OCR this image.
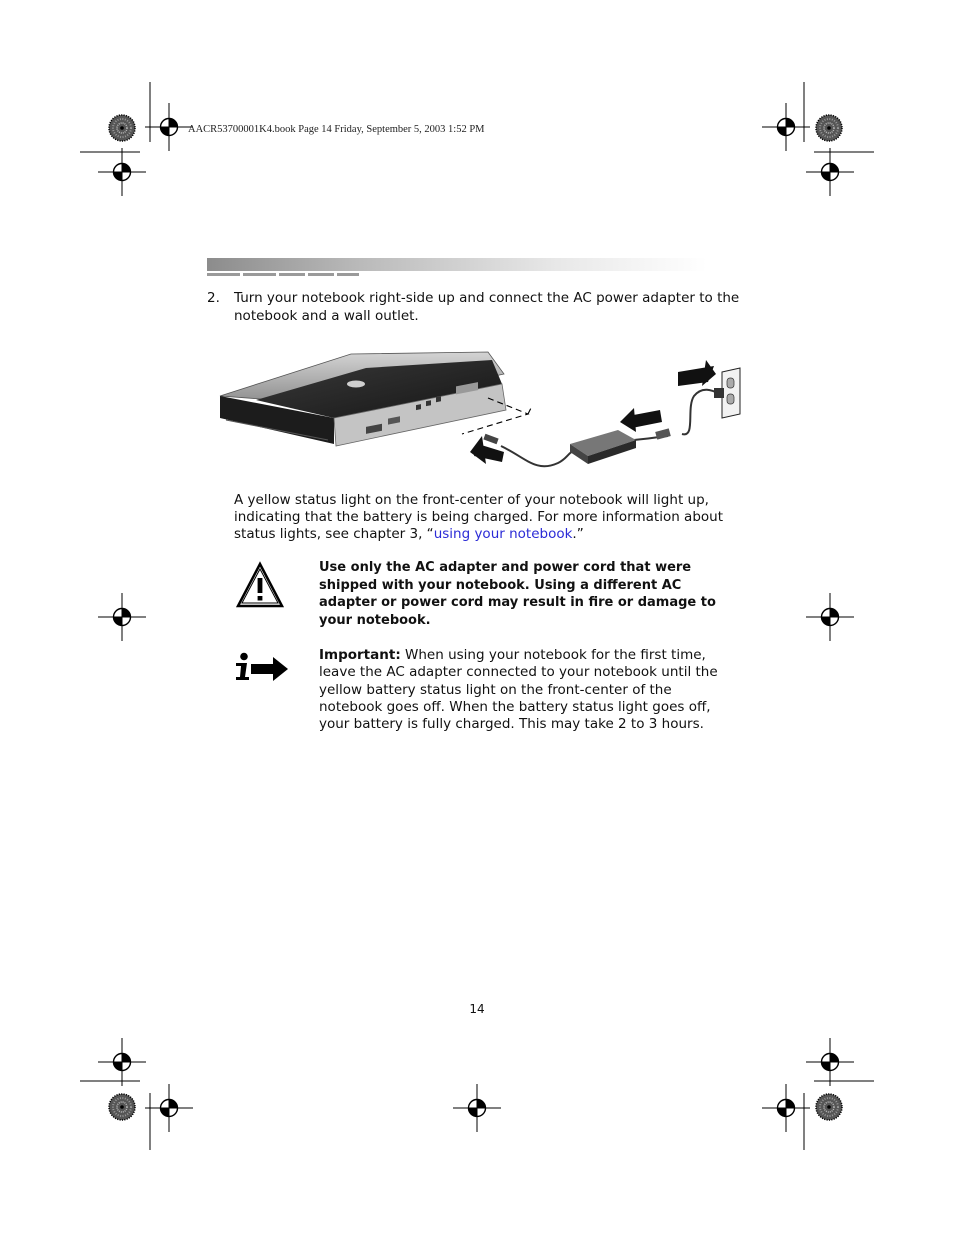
AACR53700001K4.book Page 14 Friday, September 5, 2003 1:52 PM
2. Turn your notebook right-side up and connect the AC power adapter to the notebook and a wall outlet.
A yellow status light on the front-center of your notebook will light up, indicating that the battery is being charged. For more information about status lights, see chapter 3, “using your notebook.”
Use only the AC adapter and power cord that were shipped with your notebook. Using a different AC adapter or power cord may result in fire or damage to your notebook.
Important: When using your notebook for the first time, leave the AC adapter connected to your notebook until the yellow battery status light on the front-center of the notebook goes off. When the battery status light goes off, your battery is fully charged. This may take 2 to 3 hours.
14
